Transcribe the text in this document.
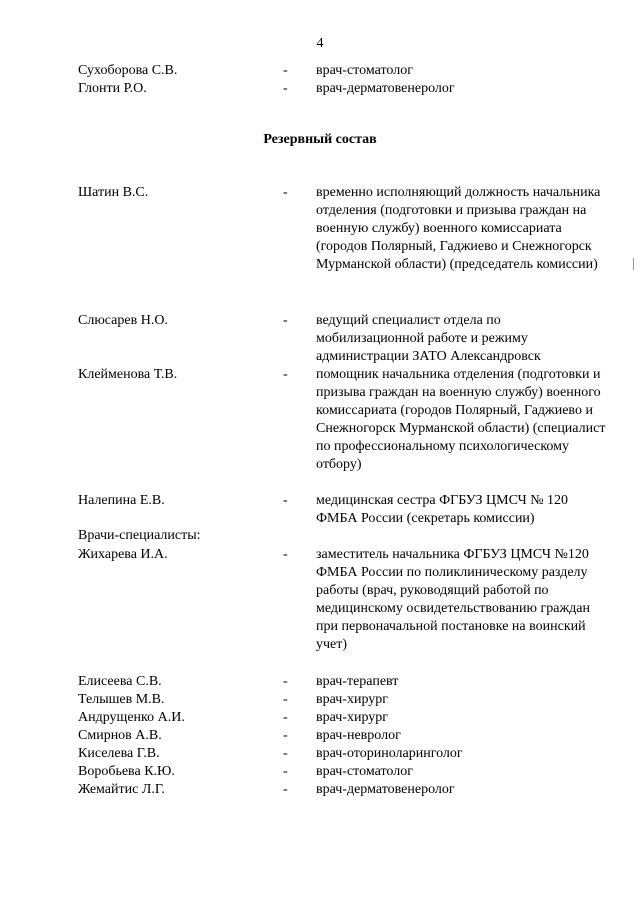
4
Сухоборова С.В.	- врач-стоматолог
Глонти Р.О.	- врач-дерматовенеролог
Резервный состав
Шатин В.С.	- временно исполняющий должность начальника отделения (подготовки и призыва граждан на военную службу) военного комиссариата (городов Полярный, Гаджиево и Снежногорск Мурманской области) (председатель комиссии)
Слюсарев Н.О.	- ведущий специалист отдела по мобилизационной работе и режиму администрации ЗАТО Александровск
Клейменова Т.В.	- помощник начальника отделения (подготовки и призыва граждан на военную службу) военного комиссариата (городов Полярный, Гаджиево и Снежногорск Мурманской области) (специалист по профессиональному психологическому отбору)
Налепина Е.В.	- медицинская сестра ФГБУЗ ЦМСЧ № 120 ФМБА России (секретарь комиссии)
Врачи-специалисты:
Жихарева И.А.	- заместитель начальника ФГБУЗ ЦМСЧ №120 ФМБА России по поликлиническому разделу работы (врач, руководящий работой по медицинскому освидетельствованию граждан при первоначальной постановке на воинский учет)
Елисеева С.В.	- врач-терапевт
Телышев М.В.	- врач-хирург
Андрущенко А.И.	- врач-хирург
Смирнов А.В.	- врач-невролог
Киселева Г.В.	- врач-оториноларинголог
Воробьева К.Ю.	- врач-стоматолог
Жемайтис Л.Г.	- врач-дерматовенеролог
